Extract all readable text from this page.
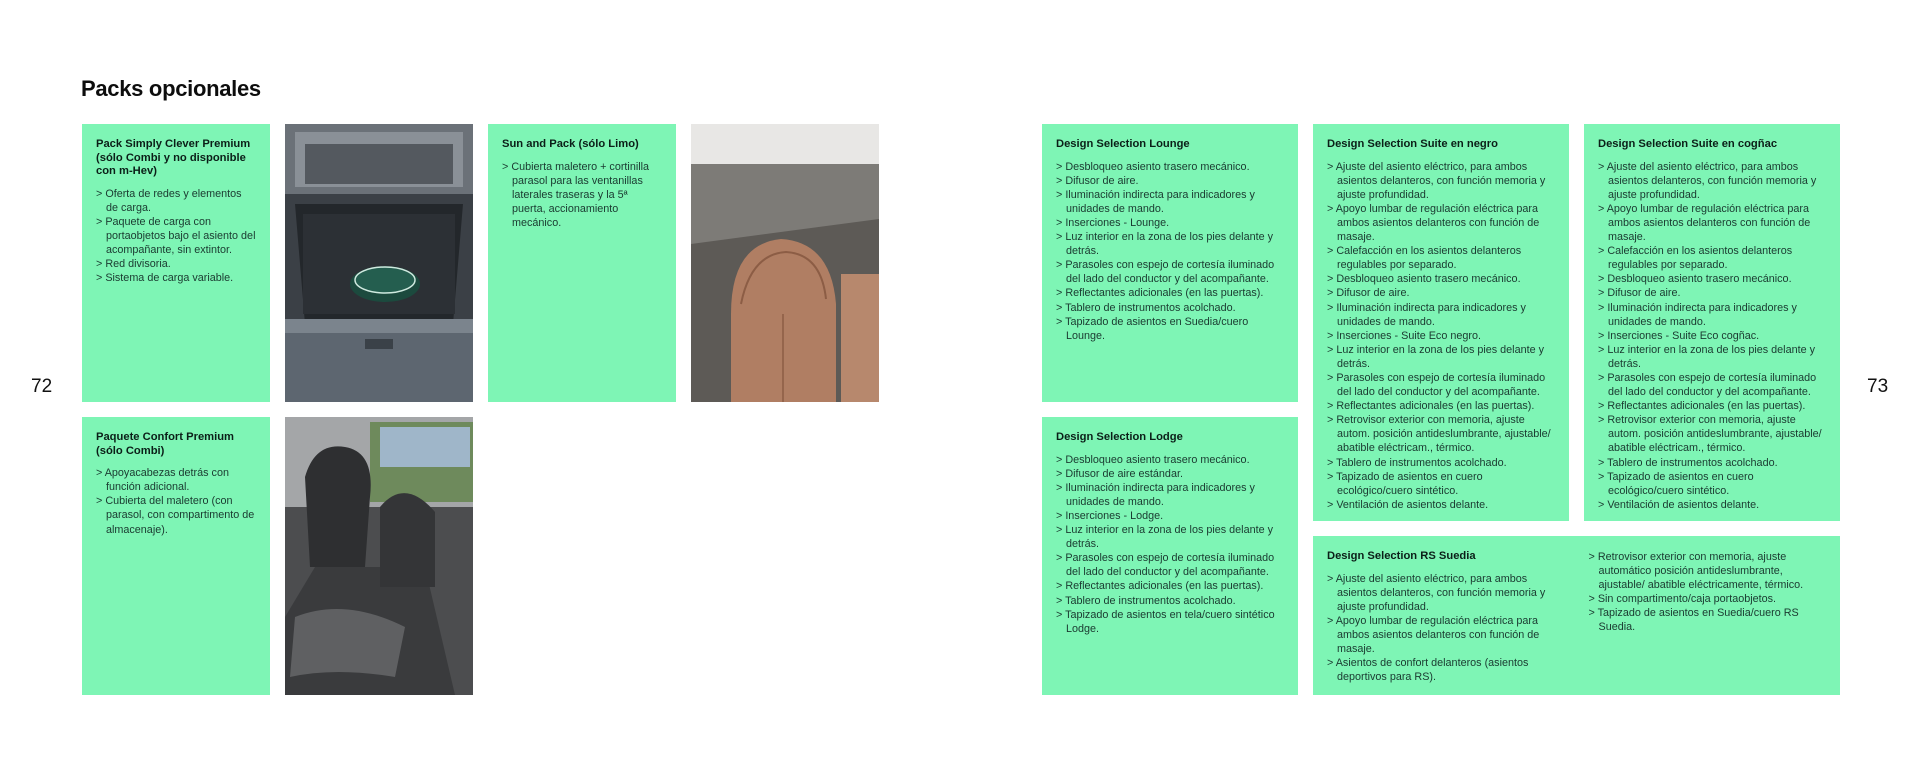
Packs opcionales
72	73
Pack Simply Clever Premium (sólo Combi y no disponible con m-Hev)
> Oferta de redes y elementos de carga.
> Paquete de carga con portaobjetos bajo el asiento del acompañante, sin extintor.
> Red divisoria.
> Sistema de carga variable.
Sun and Pack (sólo Limo)
> Cubierta maletero + cortinilla parasol para las ventanillas laterales traseras y la 5ª puerta, accionamiento mecánico.
Paquete Confort Premium (sólo Combi)
> Apoyacabezas detrás con función adicional.
> Cubierta del maletero (con parasol, con compartimento de almacenaje).
Design Selection Lounge
> Desbloqueo asiento trasero mecánico.
> Difusor de aire.
> Iluminación indirecta para indicadores y unidades de mando.
> Inserciones - Lounge.
> Luz interior en la zona de los pies delante y detrás.
> Parasoles con espejo de cortesía iluminado del lado del conductor y del acompañante.
> Reflectantes adicionales (en las puertas).
> Tablero de instrumentos acolchado.
> Tapizado de asientos en Suedia/cuero Lounge.
Design Selection Suite en negro
> Ajuste del asiento eléctrico, para ambos asientos delanteros, con función memoria y ajuste profundidad.
> Apoyo lumbar de regulación eléctrica para ambos asientos delanteros con función de masaje.
> Calefacción en los asientos delanteros regulables por separado.
> Desbloqueo asiento trasero mecánico.
> Difusor de aire.
> Iluminación indirecta para indicadores y unidades de mando.
> Inserciones - Suite Eco negro.
> Luz interior en la zona de los pies delante y detrás.
> Parasoles con espejo de cortesía iluminado del lado del conductor y del acompañante.
> Reflectantes adicionales (en las puertas).
> Retrovisor exterior con memoria, ajuste autom. posición antideslumbrante, ajustable/ abatible eléctricam., térmico.
> Tablero de instrumentos acolchado.
> Tapizado de asientos en cuero ecológico/cuero sintético.
> Ventilación de asientos delante.
Design Selection Suite en cogñac
> Ajuste del asiento eléctrico, para ambos asientos delanteros, con función memoria y ajuste profundidad.
> Apoyo lumbar de regulación eléctrica para ambos asientos delanteros con función de masaje.
> Calefacción en los asientos delanteros regulables por separado.
> Desbloqueo asiento trasero mecánico.
> Difusor de aire.
> Iluminación indirecta para indicadores y unidades de mando.
> Inserciones - Suite Eco cogñac.
> Luz interior en la zona de los pies delante y detrás.
> Parasoles con espejo de cortesía iluminado del lado del conductor y del acompañante.
> Reflectantes adicionales (en las puertas).
> Retrovisor exterior con memoria, ajuste autom. posición antideslumbrante, ajustable/ abatible eléctricam., térmico.
> Tablero de instrumentos acolchado.
> Tapizado de asientos en cuero ecológico/cuero sintético.
> Ventilación de asientos delante.
Design Selection Lodge
> Desbloqueo asiento trasero mecánico.
> Difusor de aire estándar.
> Iluminación indirecta para indicadores y unidades de mando.
> Inserciones - Lodge.
> Luz interior en la zona de los pies delante y detrás.
> Parasoles con espejo de cortesía iluminado del lado del conductor y del acompañante.
> Reflectantes adicionales (en las puertas).
> Tablero de instrumentos acolchado.
> Tapizado de asientos en tela/cuero sintético Lodge.
Design Selection RS Suedia
> Ajuste del asiento eléctrico, para ambos asientos delanteros, con función memoria y ajuste profundidad.
> Apoyo lumbar de regulación eléctrica para ambos asientos delanteros con función de masaje.
> Asientos de confort delanteros (asientos deportivos para RS).
> Retrovisor exterior con memoria, ajuste automático posición antideslumbrante, ajustable/ abatible eléctricamente, térmico.
> Sin compartimento/caja portaobjetos.
> Tapizado de asientos en Suedia/cuero RS Suedia.
